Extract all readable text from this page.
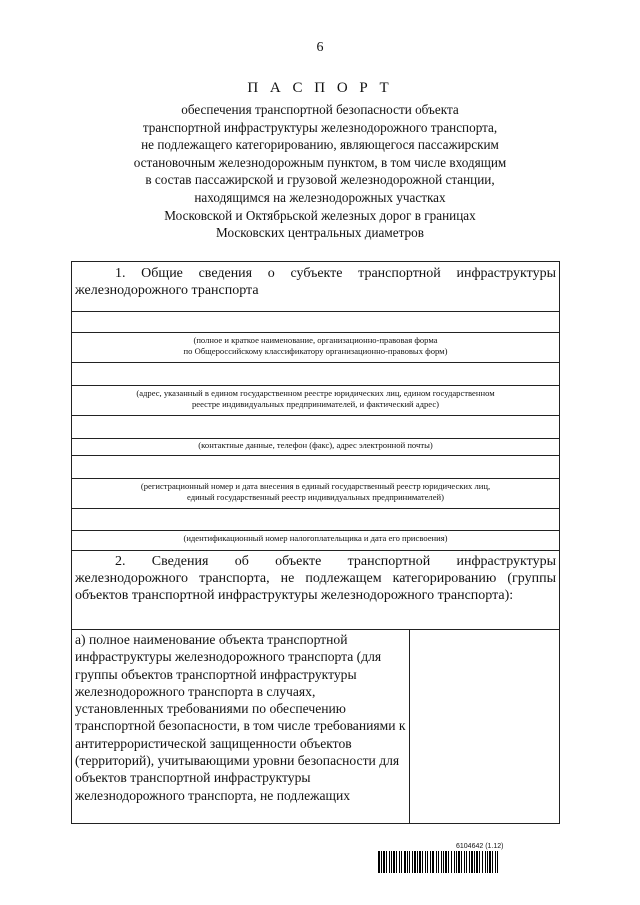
6
П А С П О Р Т
обеспечения транспортной безопасности объекта
транспортной инфраструктуры железнодорожного транспорта,
не подлежащего категорированию, являющегося пассажирским
остановочным железнодорожным пунктом, в том числе входящим
в состав пассажирской и грузовой железнодорожной станции,
находящимся на железнодорожных участках
Московской и Октябрьской железных дорог в границах
Московских центральных диаметров

1. Общие сведения о субъекте транспортной инфраструктуры железнодорожного транспорта

(полное и краткое наименование, организационно-правовая форма
по Общероссийскому классификатору организационно-правовых форм)

(адрес, указанный в едином государственном реестре юридических лиц, едином государственном
реестре индивидуальных предпринимателей, и фактический адрес)

(контактные данные, телефон (факс), адрес электронной почты)

(регистрационный номер и дата внесения в единый государственный реестр юридических лиц,
единый государственный реестр индивидуальных предпринимателей)

(идентификационный номер налогоплательщика и дата его присвоения)

2. Сведения об объекте транспортной инфраструктуры железнодорожного транспорта, не подлежащем категорированию (группы объектов транспортной инфраструктуры железнодорожного транспорта):

а) полное наименование объекта транспортной инфраструктуры железнодорожного транспорта (для группы объектов транспортной инфраструктуры железнодорожного транспорта в случаях, установленных требованиями по обеспечению транспортной безопасности, в том числе требованиями к антитеррористической защищенности объектов (территорий), учитывающими уровни безопасности для объектов транспортной инфраструктуры железнодорожного транспорта, не подлежащих	
6104642 (1.12)
